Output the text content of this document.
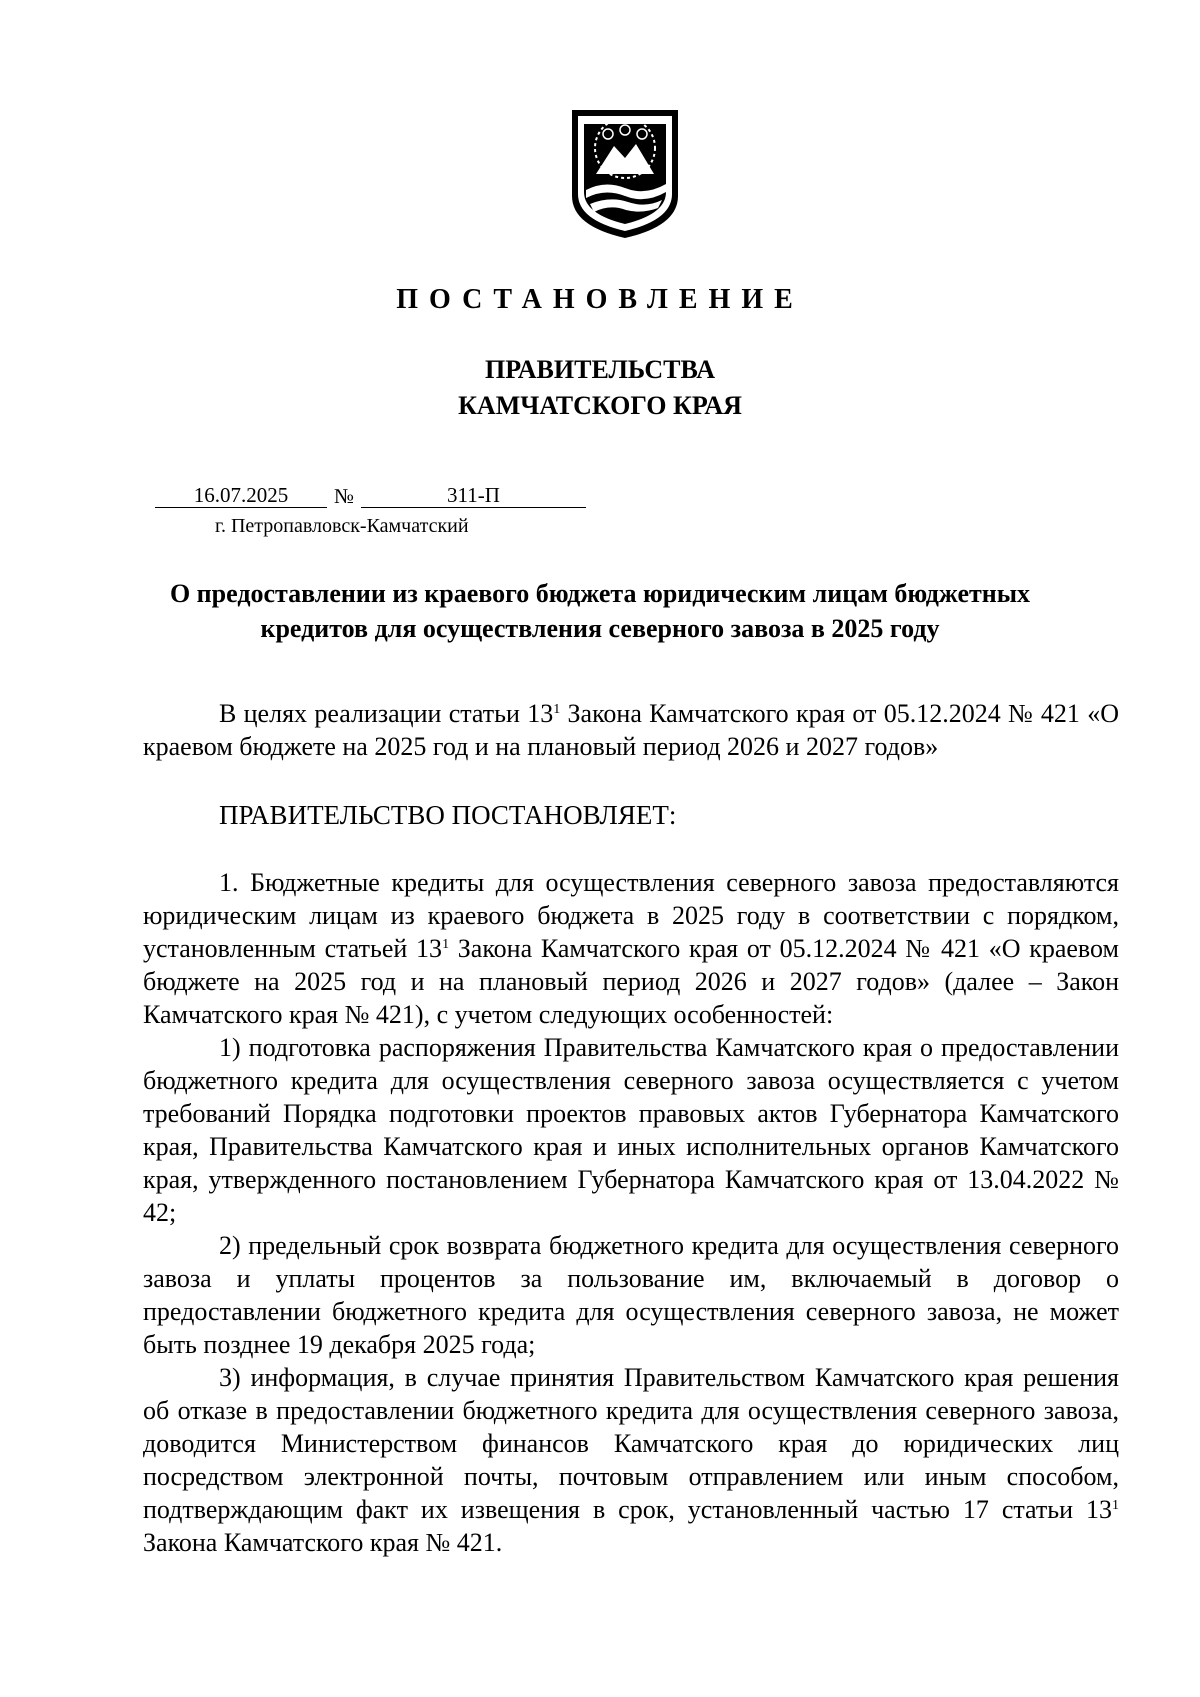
ПОСТАНОВЛЕНИЕ
ПРАВИТЕЛЬСТВА
КАМЧАТСКОГО КРАЯ
16.07.2025	№	311-П
г. Петропавловск-Камчатский
О предоставлении из краевого бюджета юридическим лицам бюджетных кредитов для осуществления северного завоза в 2025 году

В целях реализации статьи $13^1$ Закона Камчатского края от 05.12.2024 № 421 «О краевом бюджете на 2025 год и на плановый период 2026 и 2027 годов»

ПРАВИТЕЛЬСТВО ПОСТАНОВЛЯЕТ:

1. Бюджетные кредиты для осуществления северного завоза предоставляются юридическим лицам из краевого бюджета в 2025 году в соответствии с порядком, установленным статьей $13^1$ Закона Камчатского края от 05.12.2024 № 421 «О краевом бюджете на 2025 год и на плановый период 2026 и 2027 годов» (далее – Закон Камчатского края № 421), с учетом следующих особенностей:

1) подготовка распоряжения Правительства Камчатского края о предоставлении бюджетного кредита для осуществления северного завоза осуществляется с учетом требований Порядка подготовки проектов правовых актов Губернатора Камчатского края, Правительства Камчатского края и иных исполнительных органов Камчатского края, утвержденного постановлением Губернатора Камчатского края от 13.04.2022 № 42;

2) предельный срок возврата бюджетного кредита для осуществления северного завоза и уплаты процентов за пользование им, включаемый в договор о предоставлении бюджетного кредита для осуществления северного завоза, не может быть позднее 19 декабря 2025 года;

3) информация, в случае принятия Правительством Камчатского края решения об отказе в предоставлении бюджетного кредита для осуществления северного завоза, доводится Министерством финансов Камчатского края до юридических лиц посредством электронной почты, почтовым отправлением или иным способом, подтверждающим факт их извещения в срок, установленный частью 17 статьи $13^1$ Закона Камчатского края № 421.
